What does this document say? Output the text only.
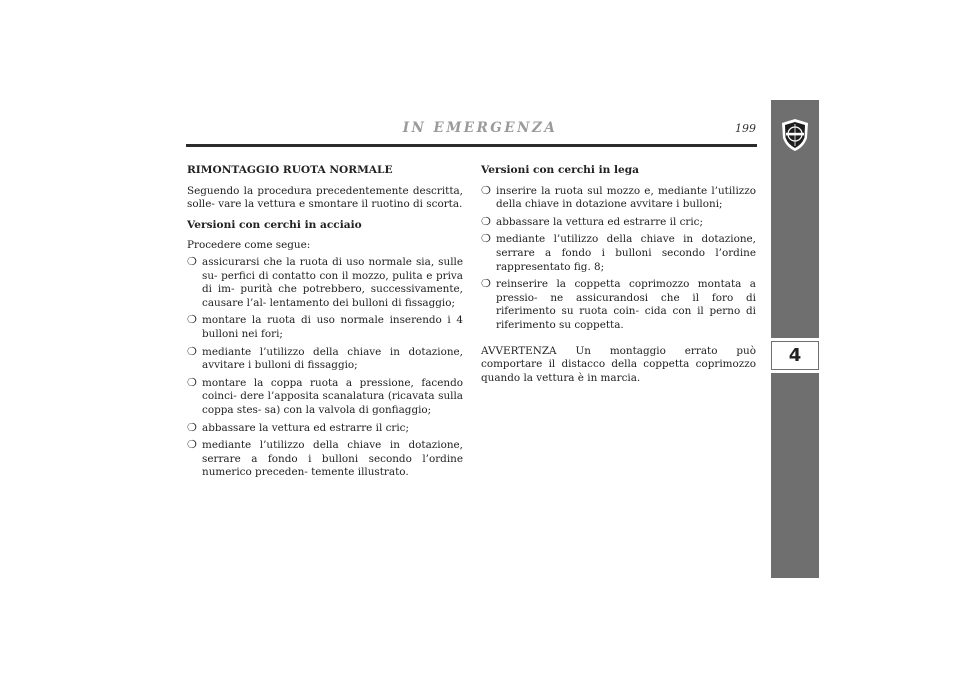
IN EMERGENZA	199

RIMONTAGGIO RUOTA NORMALE

Seguendo la procedura precedentemente descritta, solle- vare la vettura e smontare il ruotino di scorta.

Versioni con cerchi in acciaio

Procedere come segue:

❍ assicurarsi che la ruota di uso normale sia, sulle su- perfici di contatto con il mozzo, pulita e priva di im- purità che potrebbero, successivamente, causare l’al- lentamento dei bulloni di fissaggio;
❍ montare la ruota di uso normale inserendo i 4 bulloni nei fori;
❍ mediante l’utilizzo della chiave in dotazione, avvitare i bulloni di fissaggio;
❍ montare la coppa ruota a pressione, facendo coinci- dere l’apposita scanalatura (ricavata sulla coppa stes- sa) con la valvola di gonfiaggio;
❍ abbassare la vettura ed estrarre il cric;
❍ mediante l’utilizzo della chiave in dotazione, serrare a fondo i bulloni secondo l’ordine numerico preceden- temente illustrato.

Versioni con cerchi in lega

❍ inserire la ruota sul mozzo e, mediante l’utilizzo della chiave in dotazione avvitare i bulloni;
❍ abbassare la vettura ed estrarre il cric;
❍ mediante l’utilizzo della chiave in dotazione, serrare a fondo i bulloni secondo l’ordine rappresentato fig. 8;
❍ reinserire la coppetta coprimozzo montata a pressio- ne assicurandosi che il foro di riferimento su ruota coin- cida con il perno di riferimento su coppetta.

AVVERTENZA Un montaggio errato può comportare il distacco della coppetta coprimozzo quando la vettura è in marcia.

4
